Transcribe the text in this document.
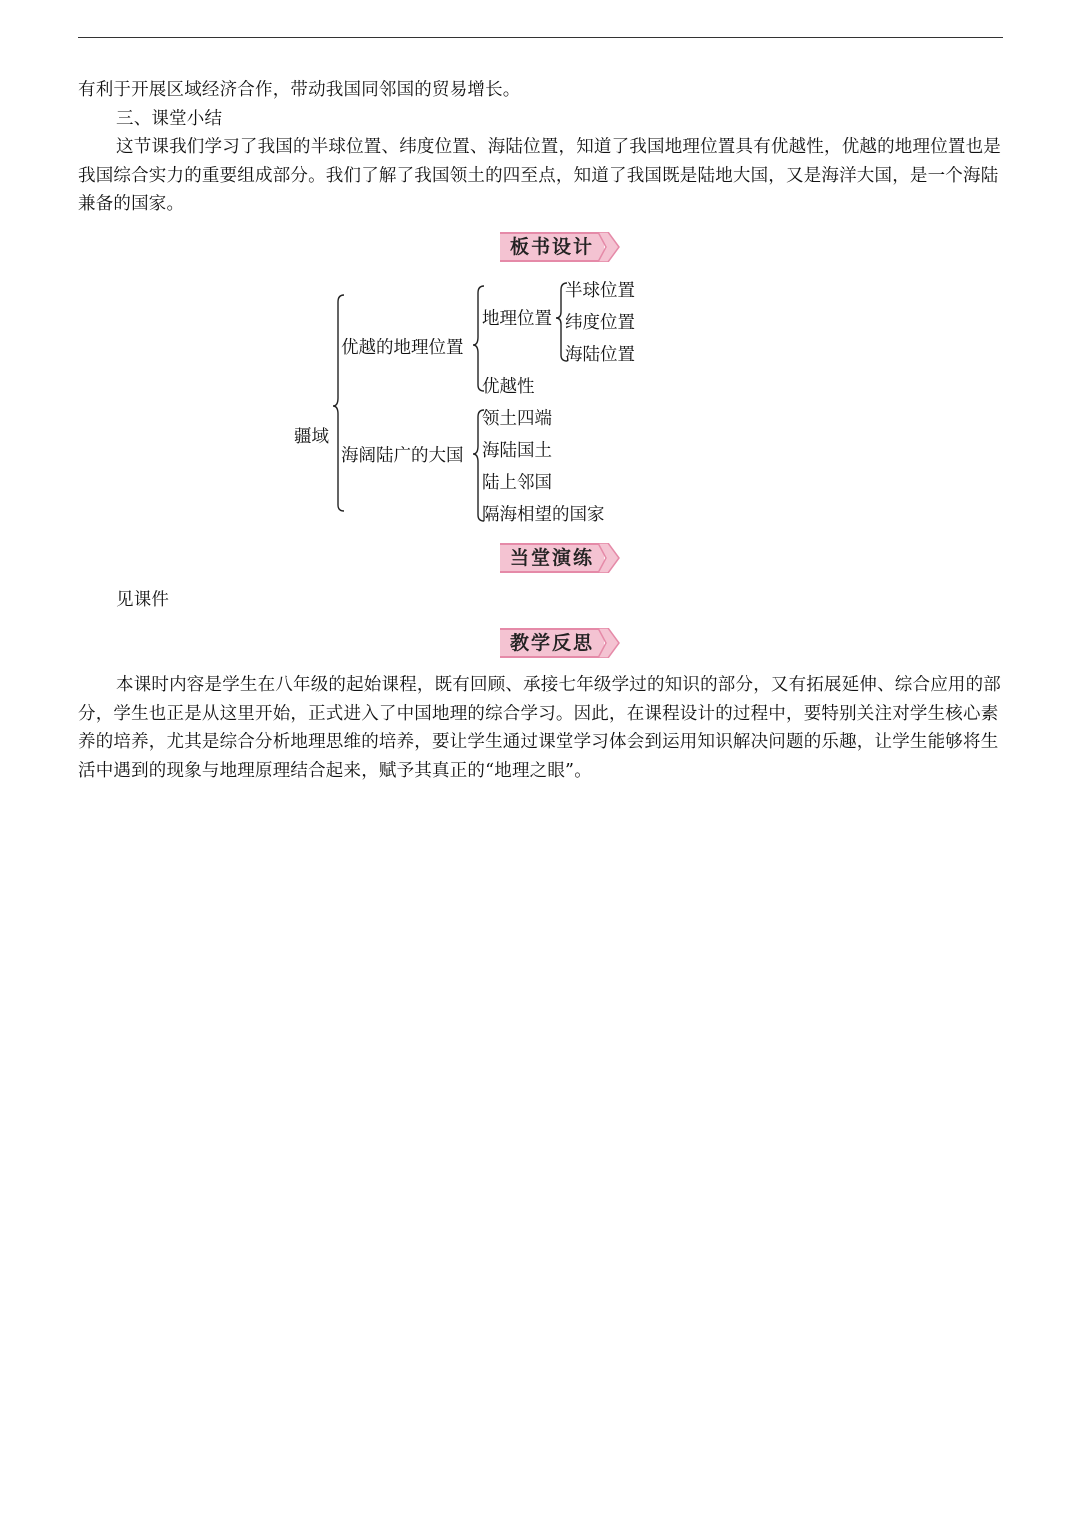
有利于开展区域经济合作，带动我国同邻国的贸易增长。

三、课堂小结

这节课我们学习了我国的半球位置、纬度位置、海陆位置，知道了我国地理位置具有优越性，优越的地理位置也是我国综合实力的重要组成部分。我们了解了我国领土的四至点，知道了我国既是陆地大国，又是海洋大国，是一个海陆兼备的国家。

板书设计
疆域
优越的地理位置
地理位置
半球位置
纬度位置
海陆位置
优越性
海阔陆广的大国
领土四端
海陆国土
陆上邻国
隔海相望的国家
当堂演练

见课件

教学反思

本课时内容是学生在八年级的起始课程，既有回顾、承接七年级学过的知识的部分，又有拓展延伸、综合应用的部分，学生也正是从这里开始，正式进入了中国地理的综合学习。因此，在课程设计的过程中，要特别关注对学生核心素养的培养，尤其是综合分析地理思维的培养，要让学生通过课堂学习体会到运用知识解决问题的乐趣，让学生能够将生活中遇到的现象与地理原理结合起来，赋予其真正的“地理之眼”。
